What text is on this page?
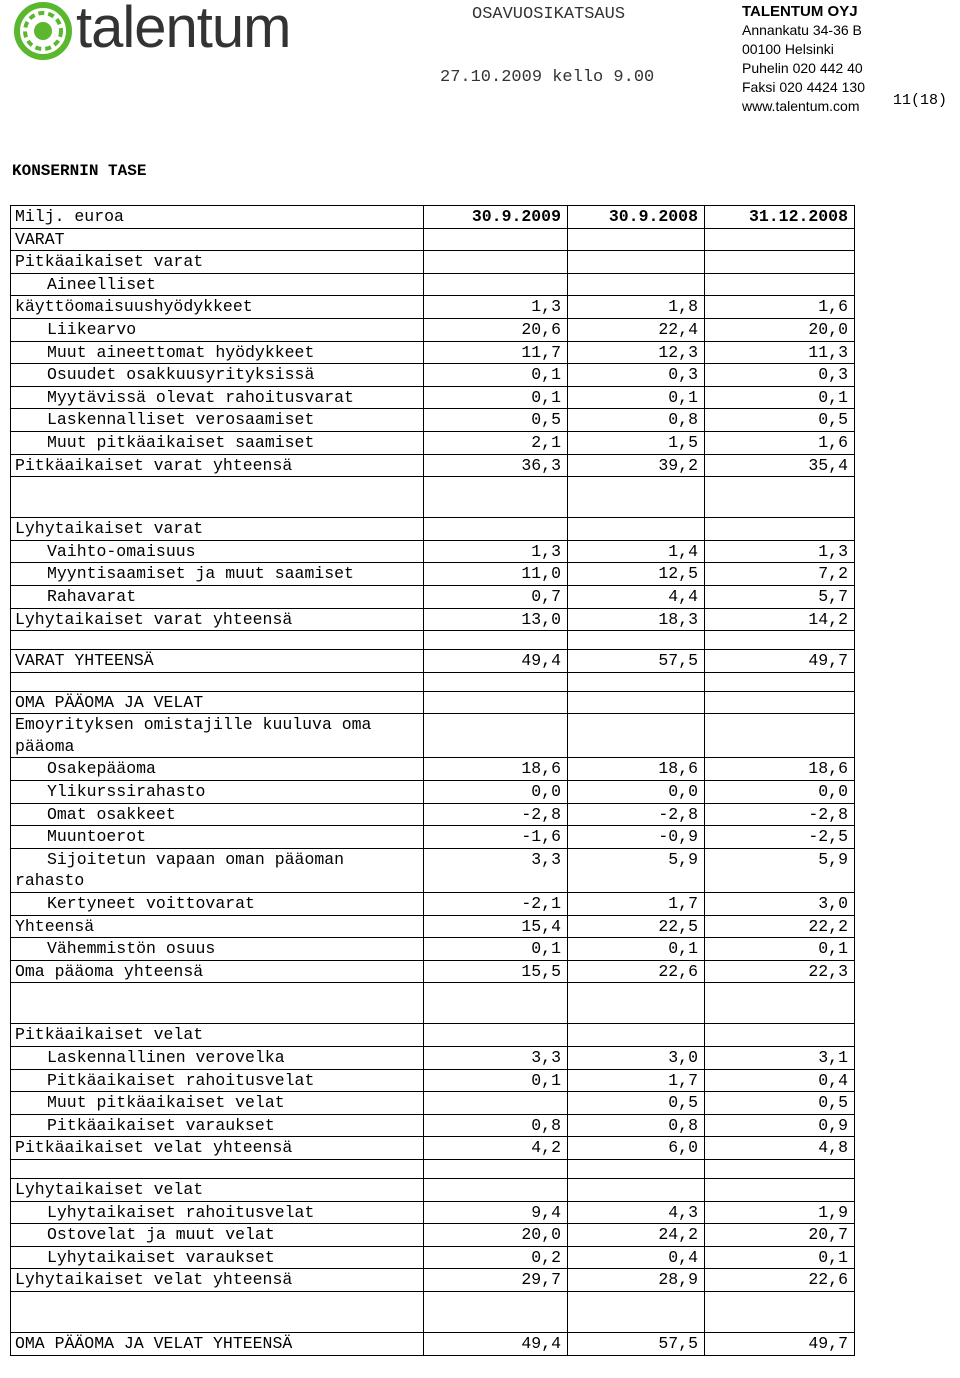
talentum	OSAVUOSIKATSAUS
27.10.2009 kello 9.00
TALENTUM OYJ
Annankatu 34-36 B
00100 Helsinki
Puhelin 020 442 40
Faksi 020 4424 130
www.talentum.com	11(18)
KONSERNIN TASE
Milj. euroa	30.9.2009	30.9.2008	31.12.2008
VARAT			
Pitkäaikaiset varat			
Aineelliset			
käyttöomaisuushyödykkeet	1,3	1,8	1,6
Liikearvo	20,6	22,4	20,0
Muut aineettomat hyödykkeet	11,7	12,3	11,3
Osuudet osakkuusyrityksissä	0,1	0,3	0,3
Myytävissä olevat rahoitusvarat	0,1	0,1	0,1
Laskennalliset verosaamiset	0,5	0,8	0,5
Muut pitkäaikaiset saamiset	2,1	1,5	1,6
Pitkäaikaiset varat yhteensä	36,3	39,2	35,4

Lyhytaikaiset varat			
Vaihto-omaisuus	1,3	1,4	1,3
Myyntisaamiset ja muut saamiset	11,0	12,5	7,2
Rahavarat	0,7	4,4	5,7
Lyhytaikaiset varat yhteensä	13,0	18,3	14,2

VARAT YHTEENSÄ	49,4	57,5	49,7

OMA PÄÄOMA JA VELAT			
Emoyrityksen omistajille kuuluva oma pääoma			
Osakepääoma	18,6	18,6	18,6
Ylikurssirahasto	0,0	0,0	0,0
Omat osakkeet	-2,8	-2,8	-2,8
Muuntoerot	-1,6	-0,9	-2,5
Sijoitetun vapaan oman pääoman rahasto	3,3	5,9	5,9
Kertyneet voittovarat	-2,1	1,7	3,0
Yhteensä	15,4	22,5	22,2
Vähemmistön osuus	0,1	0,1	0,1
Oma pääoma yhteensä	15,5	22,6	22,3

Pitkäaikaiset velat			
Laskennallinen verovelka	3,3	3,0	3,1
Pitkäaikaiset rahoitusvelat	0,1	1,7	0,4
Muut pitkäaikaiset velat		0,5	0,5
Pitkäaikaiset varaukset	0,8	0,8	0,9
Pitkäaikaiset velat yhteensä	4,2	6,0	4,8

Lyhytaikaiset velat			
Lyhytaikaiset rahoitusvelat	9,4	4,3	1,9
Ostovelat ja muut velat	20,0	24,2	20,7
Lyhytaikaiset varaukset	0,2	0,4	0,1
Lyhytaikaiset velat yhteensä	29,7	28,9	22,6

OMA PÄÄOMA JA VELAT YHTEENSÄ	49,4	57,5	49,7
